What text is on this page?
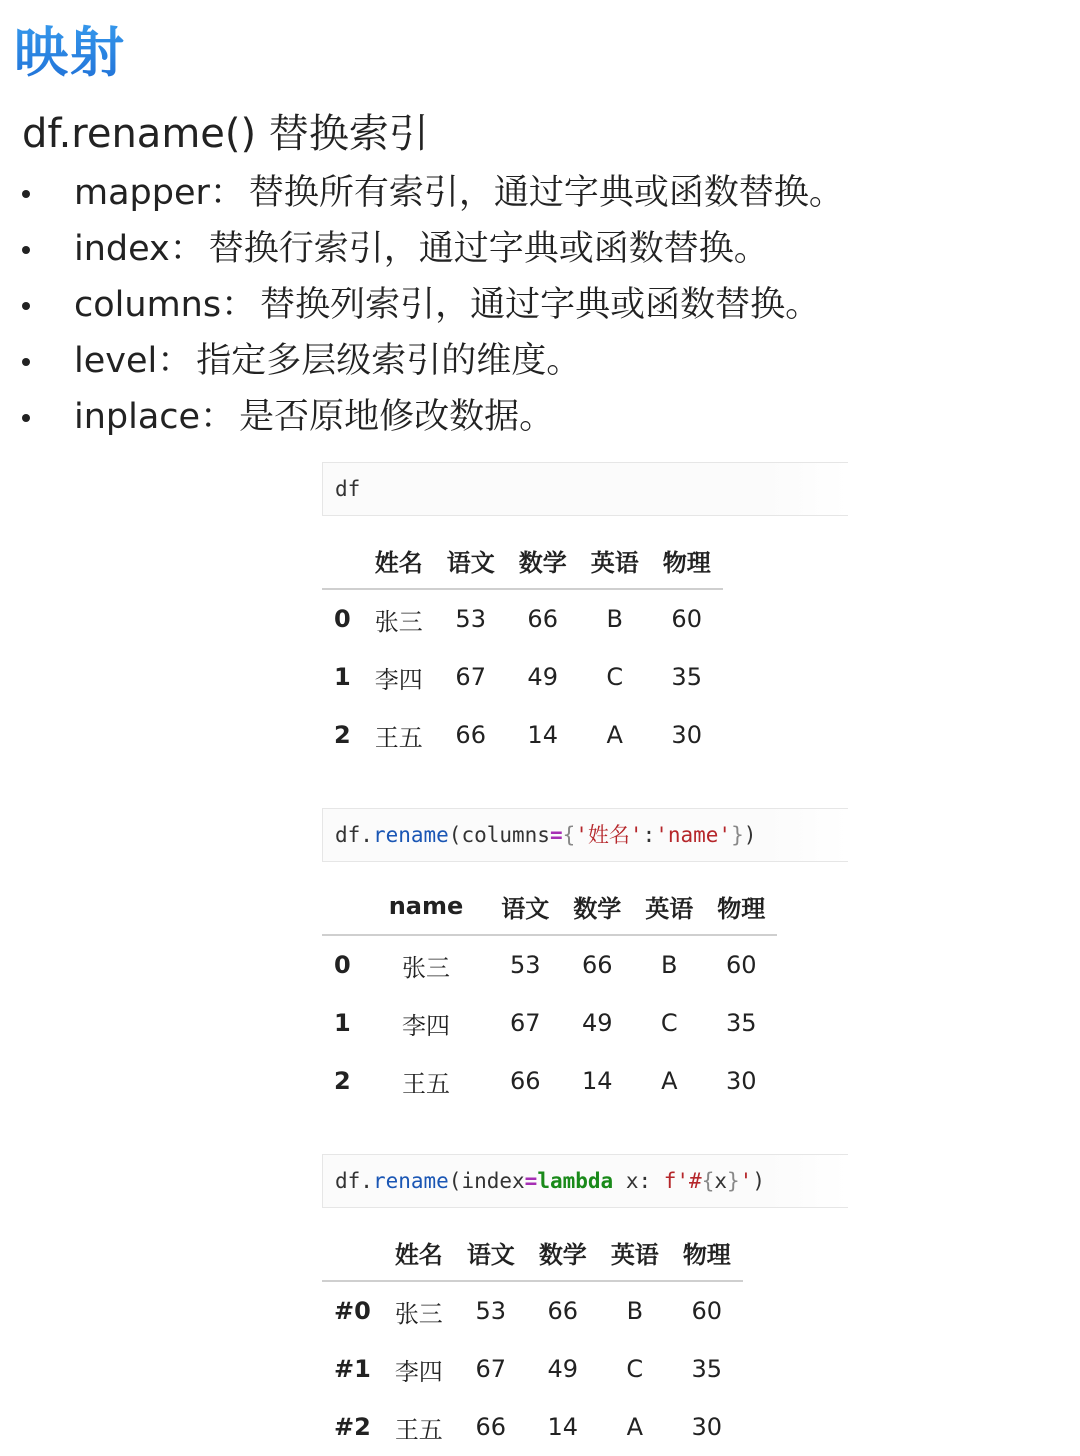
映射
df.rename() 替换索引
mapper： 替换所有索引，通过字典或函数替换。
index： 替换行索引，通过字典或函数替换。
columns： 替换列索引，通过字典或函数替换。
level： 指定多层级索引的维度。
inplace： 是否原地修改数据。
df
	姓名	语文	数学	英语	物理
0	张三	53	66	B	60
1	李四	67	49	C	35
2	王五	66	14	A	30
df.rename(columns={'姓名':'name'})
	name	语文	数学	英语	物理
0	张三	53	66	B	60
1	李四	67	49	C	35
2	王五	66	14	A	30
df.rename(index=lambda x: f'#{x}')
	姓名	语文	数学	英语	物理
#0	张三	53	66	B	60
#1	李四	67	49	C	35
#2	王五	66	14	A	30
